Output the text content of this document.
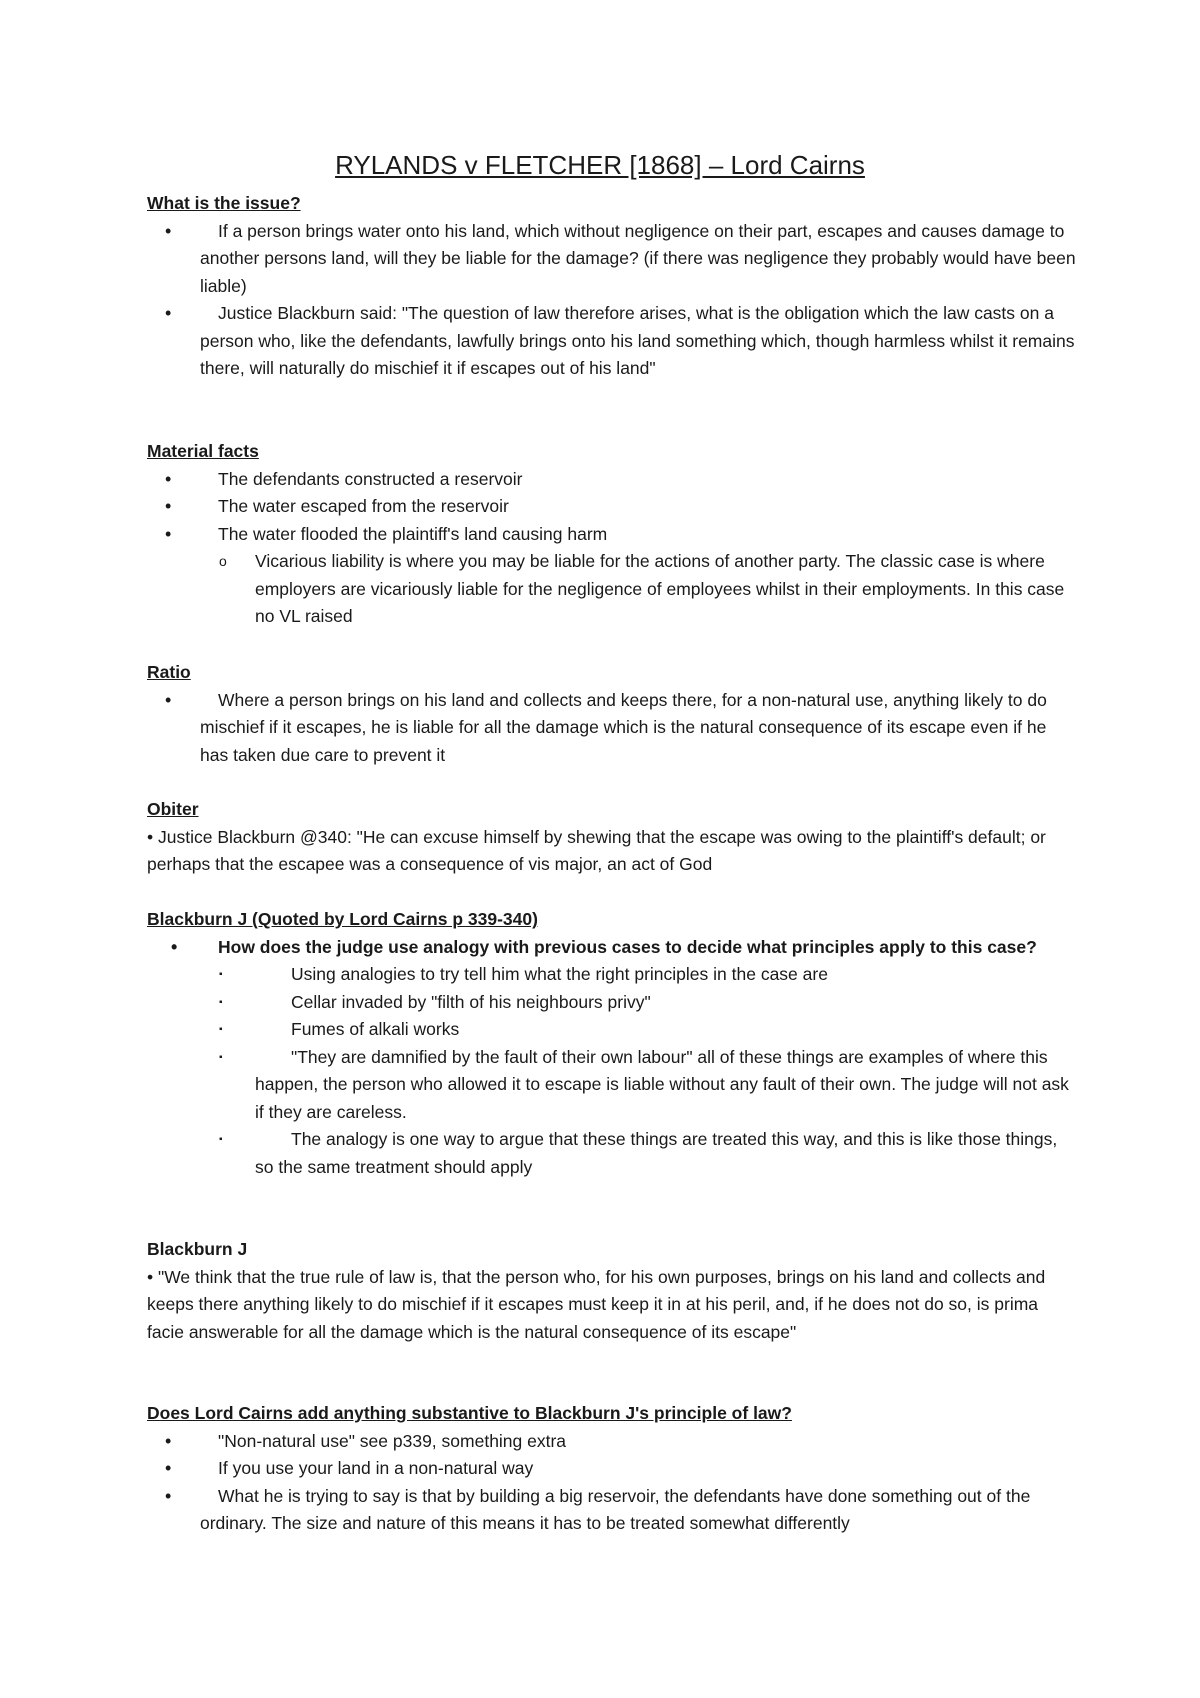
RYLANDS v FLETCHER [1868] – Lord Cairns
What is the issue?
•	If a person brings water onto his land, which without negligence on their part, escapes and causes damage to another persons land, will they be liable for the damage? (if there was negligence they probably would have been liable)
•	Justice Blackburn said: "The question of law therefore arises, what is the obligation which the law casts on a person who, like the defendants, lawfully brings onto his land something which, though harmless whilst it remains there, will naturally do mischief it if escapes out of his land"
Material facts
•	The defendants constructed a reservoir
•	The water escaped from the reservoir
•	The water flooded the plaintiff's land causing harm
o Vicarious liability is where you may be liable for the actions of another party. The classic case is where employers are vicariously liable for the negligence of employees whilst in their employments. In this case no VL raised
Ratio
•	Where a person brings on his land and collects and keeps there, for a non-natural use, anything likely to do mischief if it escapes, he is liable for all the damage which is the natural consequence of its escape even if he has taken due care to prevent it
Obiter
• Justice Blackburn @340: "He can excuse himself by shewing that the escape was owing to the plaintiff's default; or perhaps that the escapee was a consequence of vis major, an act of God
Blackburn J (Quoted by Lord Cairns p 339-340)
• How does the judge use analogy with previous cases to decide what principles apply to this case?
▪	Using analogies to try tell him what the right principles in the case are
▪	Cellar invaded by "filth of his neighbours privy"
▪	Fumes of alkali works
▪	"They are damnified by the fault of their own labour" all of these things are examples of where this happen, the person who allowed it to escape is liable without any fault of their own. The judge will not ask if they are careless.
▪	The analogy is one way to argue that these things are treated this way, and this is like those things, so the same treatment should apply
Blackburn J
• "We think that the true rule of law is, that the person who, for his own purposes, brings on his land and collects and keeps there anything likely to do mischief if it escapes must keep it in at his peril, and, if he does not do so, is prima facie answerable for all the damage which is the natural consequence of its escape"
Does Lord Cairns add anything substantive to Blackburn J's principle of law?
•	"Non-natural use" see p339, something extra
•	If you use your land in a non-natural way
•	What he is trying to say is that by building a big reservoir, the defendants have done something out of the ordinary. The size and nature of this means it has to be treated somewhat differently
